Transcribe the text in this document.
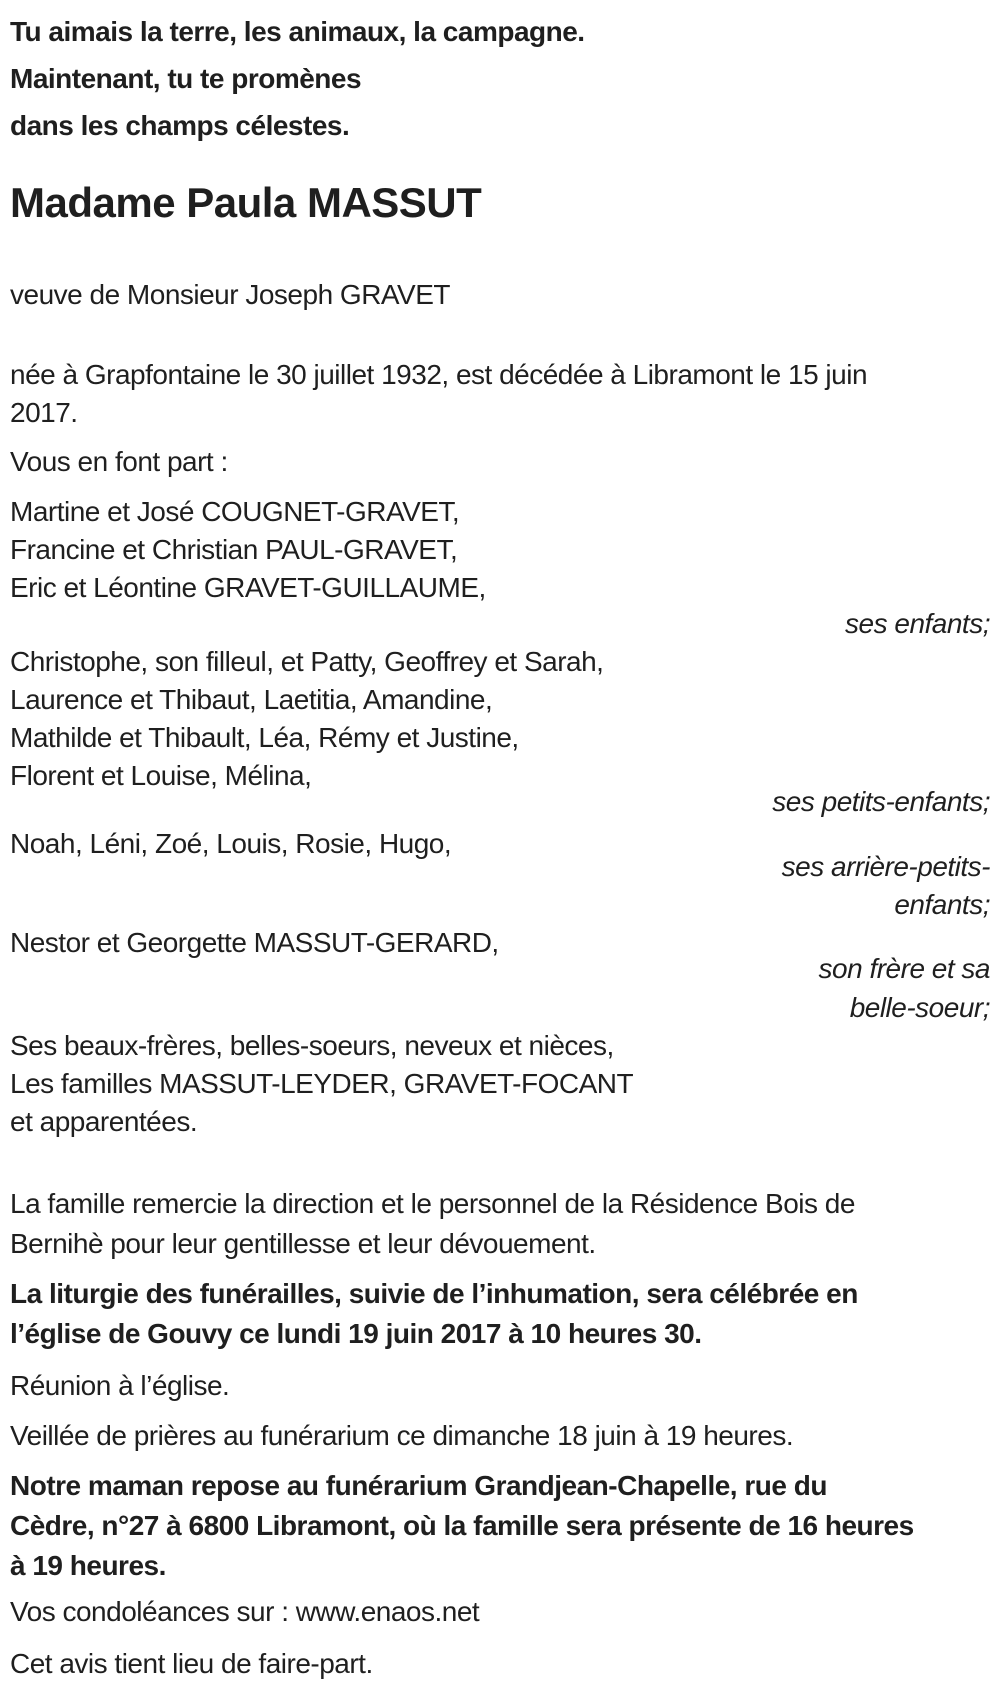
Tu aimais la terre, les animaux, la campagne.
Maintenant, tu te promènes
dans les champs célestes.
Madame Paula MASSUT
veuve de Monsieur Joseph GRAVET
née à Grapfontaine le 30 juillet 1932, est décédée à Libramont le 15 juin
2017.
Vous en font part :
Martine et José COUGNET-GRAVET,
Francine et Christian PAUL-GRAVET,
Eric et Léontine GRAVET-GUILLAUME,
ses enfants;
Christophe, son filleul, et Patty, Geoffrey et Sarah,
Laurence et Thibaut, Laetitia, Amandine,
Mathilde et Thibault, Léa, Rémy et Justine,
Florent et Louise, Mélina,
ses petits-enfants;
Noah, Léni, Zoé, Louis, Rosie, Hugo,
ses arrière-petits-
enfants;
Nestor et Georgette MASSUT-GERARD,
son frère et sa
belle-soeur;
Ses beaux-frères, belles-soeurs, neveux et nièces,
Les familles MASSUT-LEYDER, GRAVET-FOCANT
et apparentées.
La famille remercie la direction et le personnel de la Résidence Bois de
Bernihè pour leur gentillesse et leur dévouement.
La liturgie des funérailles, suivie de l’inhumation, sera célébrée en
l’église de Gouvy ce lundi 19 juin 2017 à 10 heures 30.
Réunion à l’église.
Veillée de prières au funérarium ce dimanche 18 juin à 19 heures.
Notre maman repose au funérarium Grandjean-Chapelle, rue du
Cèdre, n°27 à 6800 Libramont, où la famille sera présente de 16 heures
à 19 heures.
Vos condoléances sur : www.enaos.net
Cet avis tient lieu de faire-part.
